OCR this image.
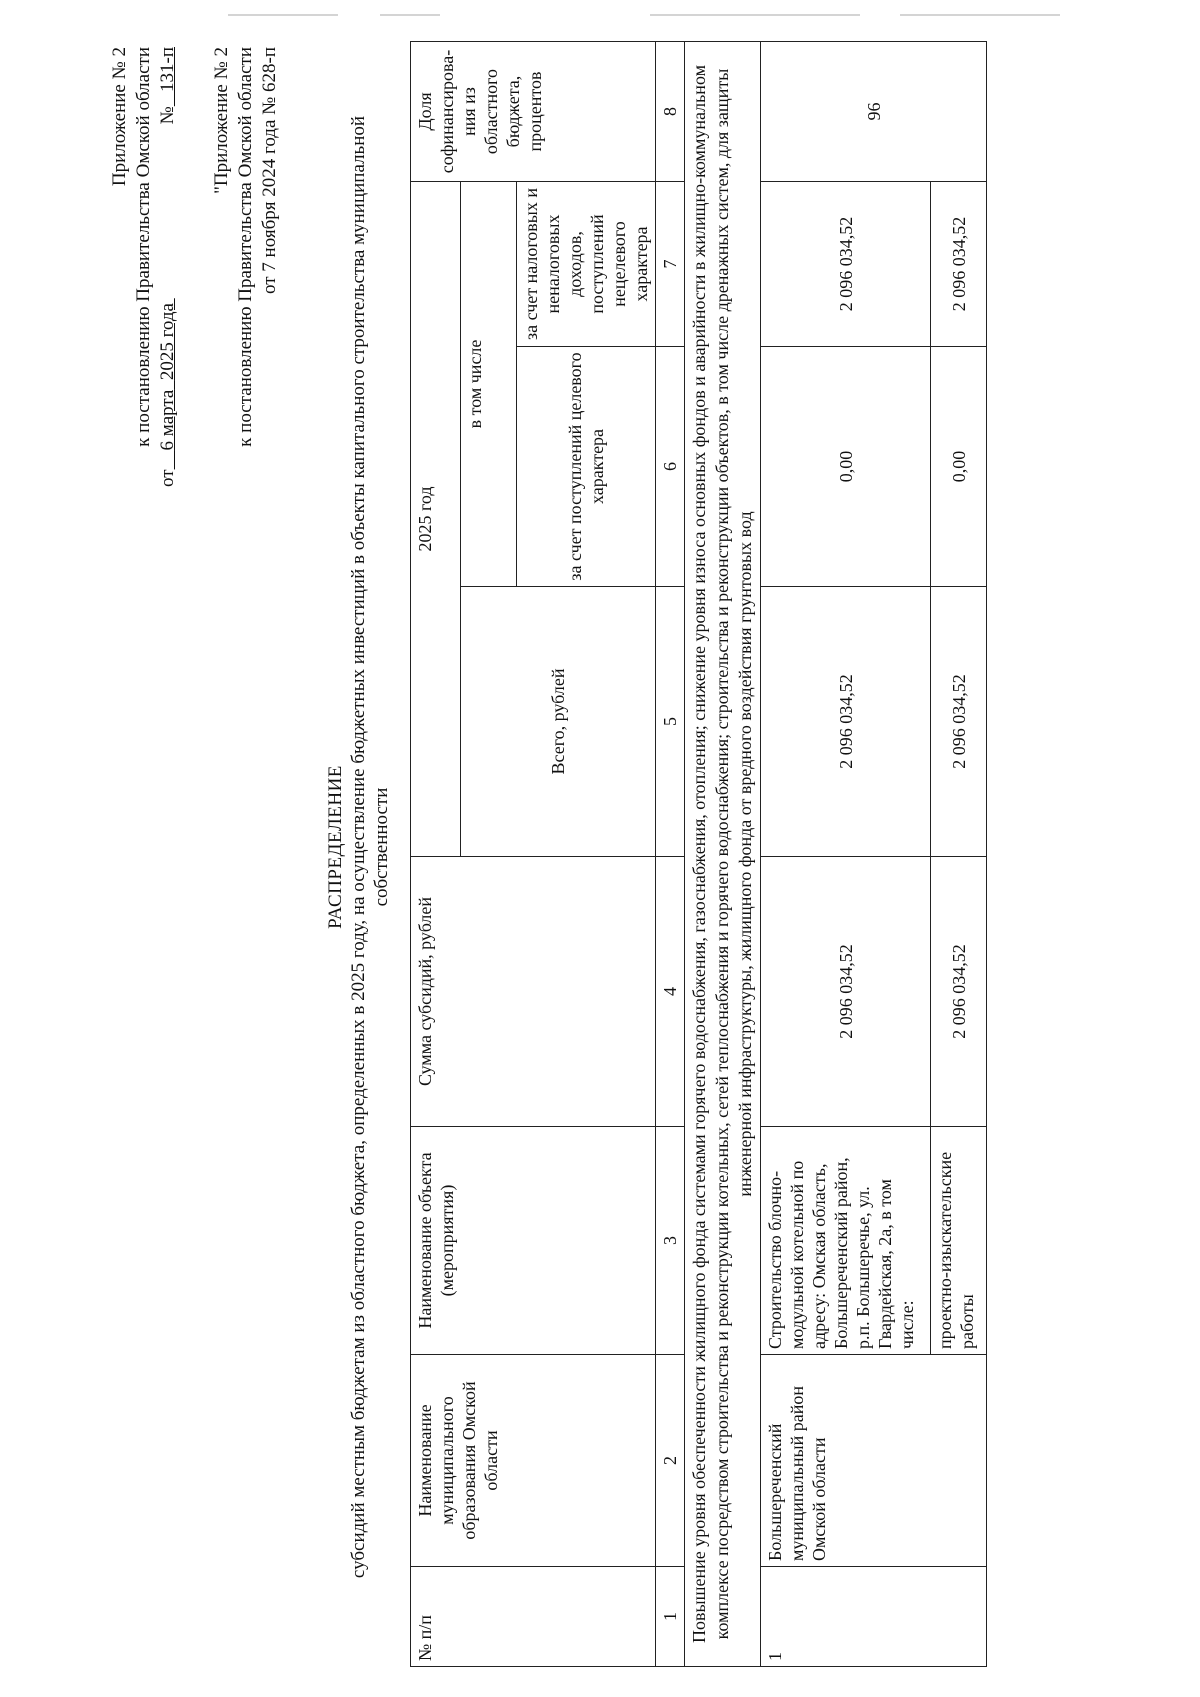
Приложение № 2 к постановлению Правительства Омской области
от
6 марта  2025 года
№
131-п "Приложение № 2 к постановлению Правительства Омской области от 7 ноября 2024 года № 628-п
РАСПРЕДЕЛЕНИЕ субсидий местным бюджетам из областного бюджета, определенных в 2025 году, на осуществление бюджетных инвестиций в объекты капитального строительства муниципальной собственности
№ п/п	Наименование муниципального образования Омской области	Наименование объекта (мероприятия)	Сумма субсидий, рублей	2025 год			Доля софинансирова-ния из областного бюджета, процентов
				Всего, рублей	в том числе		
					за счет поступлений целевого характера	за счет налоговых и неналоговых доходов, поступлений нецелевого характера	
1	2	3	4	5	6	7	8
Повышение уровня обеспеченности жилищного фонда системами горячего водоснабжения, газоснабжения, отопления; снижение уровня износа основных фондов и аварийности в жилищно-коммунальном комплексе посредством строительства и реконструкции котельных, сетей теплоснабжения и горячего водоснабжения; строительства и реконструкции объектов, в том числе дренажных систем, для защиты инженерной инфраструктуры, жилищного фонда от вредного воздействия грунтовых вод							
1	Большереченский муниципальный район Омской области	Строительство блочно-модульной котельной по адресу: Омская область, Большереченский район, р.п. Большеречье, ул. Гвардейская, 2а, в том числе:	2 096 034,52	2 096 034,52	0,00	2 096 034,52	96
		проектно-изыскательские работы	2 096 034,52	2 096 034,52	0,00	2 096 034,52	
